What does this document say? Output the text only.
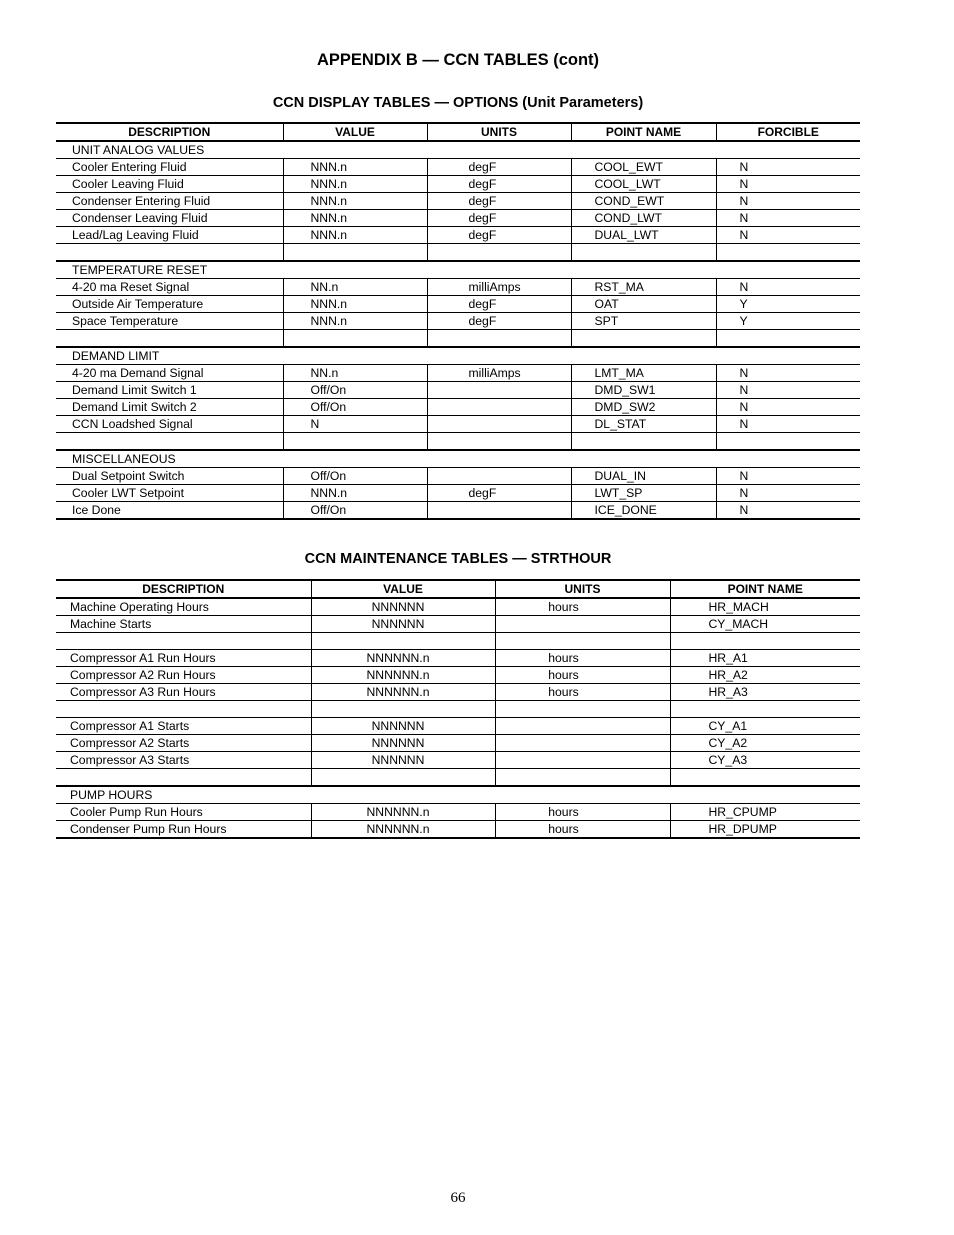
APPENDIX B — CCN TABLES (cont)
CCN DISPLAY TABLES — OPTIONS (Unit Parameters)
DESCRIPTION	VALUE	UNITS	POINT NAME	FORCIBLE
UNIT ANALOG VALUES				
Cooler Entering Fluid	NNN.n	degF	COOL_EWT	N
Cooler Leaving Fluid	NNN.n	degF	COOL_LWT	N
Condenser Entering Fluid	NNN.n	degF	COND_EWT	N
Condenser Leaving Fluid	NNN.n	degF	COND_LWT	N
Lead/Lag Leaving Fluid	NNN.n	degF	DUAL_LWT	N

TEMPERATURE RESET				
4-20 ma Reset Signal	NN.n	milliAmps	RST_MA	N
Outside Air Temperature	NNN.n	degF	OAT	Y
Space Temperature	NNN.n	degF	SPT	Y

DEMAND LIMIT				
4-20 ma Demand Signal	NN.n	milliAmps	LMT_MA	N
Demand Limit Switch 1	Off/On		DMD_SW1	N
Demand Limit Switch 2	Off/On		DMD_SW2	N
CCN Loadshed Signal	N		DL_STAT	N

MISCELLANEOUS				
Dual Setpoint Switch	Off/On		DUAL_IN	N
Cooler LWT Setpoint	NNN.n	degF	LWT_SP	N
Ice Done	Off/On		ICE_DONE	N
CCN MAINTENANCE TABLES — STRTHOUR
DESCRIPTION	VALUE	UNITS	POINT NAME
Machine Operating Hours	NNNNNN	hours	HR_MACH
Machine Starts	NNNNNN		CY_MACH

Compressor A1 Run Hours	NNNNNN.n	hours	HR_A1
Compressor A2 Run Hours	NNNNNN.n	hours	HR_A2
Compressor A3 Run Hours	NNNNNN.n	hours	HR_A3

Compressor A1 Starts	NNNNNN		CY_A1
Compressor A2 Starts	NNNNNN		CY_A2
Compressor A3 Starts	NNNNNN		CY_A3

PUMP HOURS			
Cooler Pump Run Hours	NNNNNN.n	hours	HR_CPUMP
Condenser Pump Run Hours	NNNNNN.n	hours	HR_DPUMP
66
